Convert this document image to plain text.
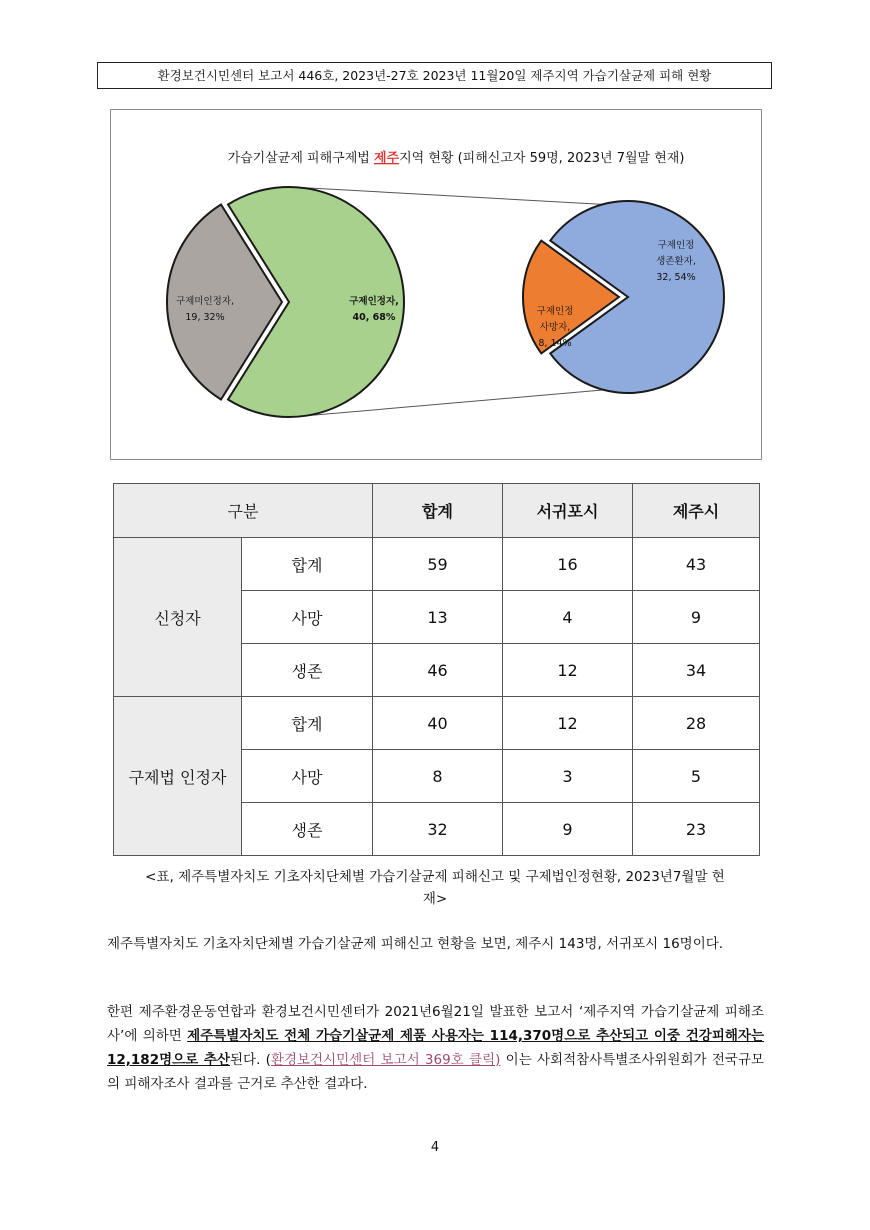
환경보건시민센터 보고서 446호, 2023년-27호 2023년 11월20일 제주지역 가습기살균제 피해 현황
가습기살균제 피해구제법 제주지역 현황 (피해신고자 59명, 2023년 7월말 현재)
구제인정자,
40, 68%
구제미인정자,
19, 32%
구제인정
생존환자,
32, 54%
구제인정
사망자,
8, 14%
구분		합계	서귀포시	제주시
신청자	합계	59	16	43
	사망	13	4	9
	생존	46	12	34
구제법 인정자	합계	40	12	28
	사망	8	3	5
	생존	32	9	23
<표, 제주특별자치도 기초자치단체별 가습기살균제 피해신고 및 구제법인정현황, 2023년7월말 현
재>
제주특별자치도 기초자치단체별 가습기살균제 피해신고 현황을 보면, 제주시 143명, 서귀포시 16명이다.
한편 제주환경운동연합과 환경보건시민센터가 2021년6월21일 발표한 보고서 ‘제주지역 가습기살균제 피해조사’에 의하면 제주특별자치도 전체 가습기살균제 제품 사용자는 114,370명으로 추산되고 이중 건강피해자는 12,182명으로 추산된다. (환경보건시민센터 보고서 369호 클릭) 이는 사회적참사특별조사위원회가 전국규모의 피해자조사 결과를 근거로 추산한 결과다.
4
